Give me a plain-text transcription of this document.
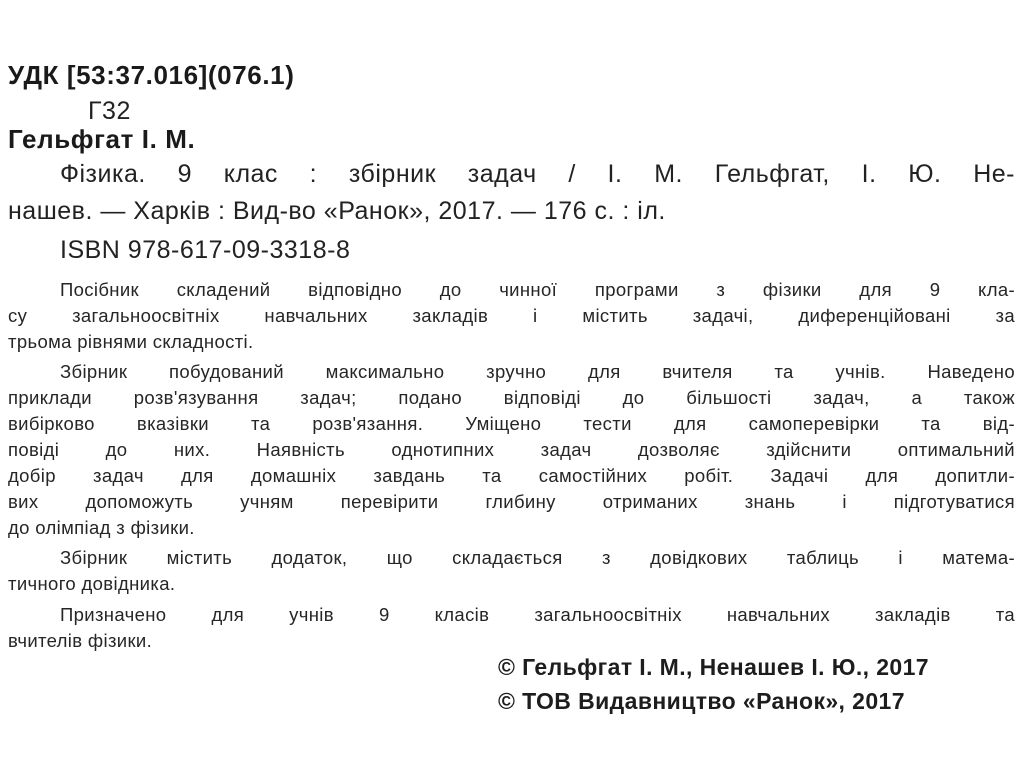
УДК [53:37.016](076.1)

Г32

Гельфгат І. М.

Фізика. 9 клас : збірник задач / І. М. Гельфгат, І. Ю. Не-

нашев. — Харків : Вид-во «Ранок», 2017. — 176 с. : іл.

ISBN 978-617-09-3318-8

Посібник складений відповідно до чинної програми з фізики для 9 кла-

су загальноосвітніх навчальних закладів і містить задачі, диференційовані за

трьома рівнями складності.

Збірник побудований максимально зручно для вчителя та учнів. Наведено

приклади розв'язування задач; подано відповіді до більшості задач, а також

вибірково вказівки та розв'язання. Уміщено тести для самоперевірки та від-

повіді до них. Наявність однотипних задач дозволяє здійснити оптимальний

добір задач для домашніх завдань та самостійних робіт. Задачі для допитли-

вих допоможуть учням перевірити глибину отриманих знань і підготуватися

до олімпіад з фізики.

Збірник містить додаток, що складається з довідкових таблиць і матема-

тичного довідника.

Призначено для учнів 9 класів загальноосвітніх навчальних закладів та

вчителів фізики.

© Гельфгат І. М., Ненашев І. Ю., 2017

© ТОВ Видавництво «Ранок», 2017
